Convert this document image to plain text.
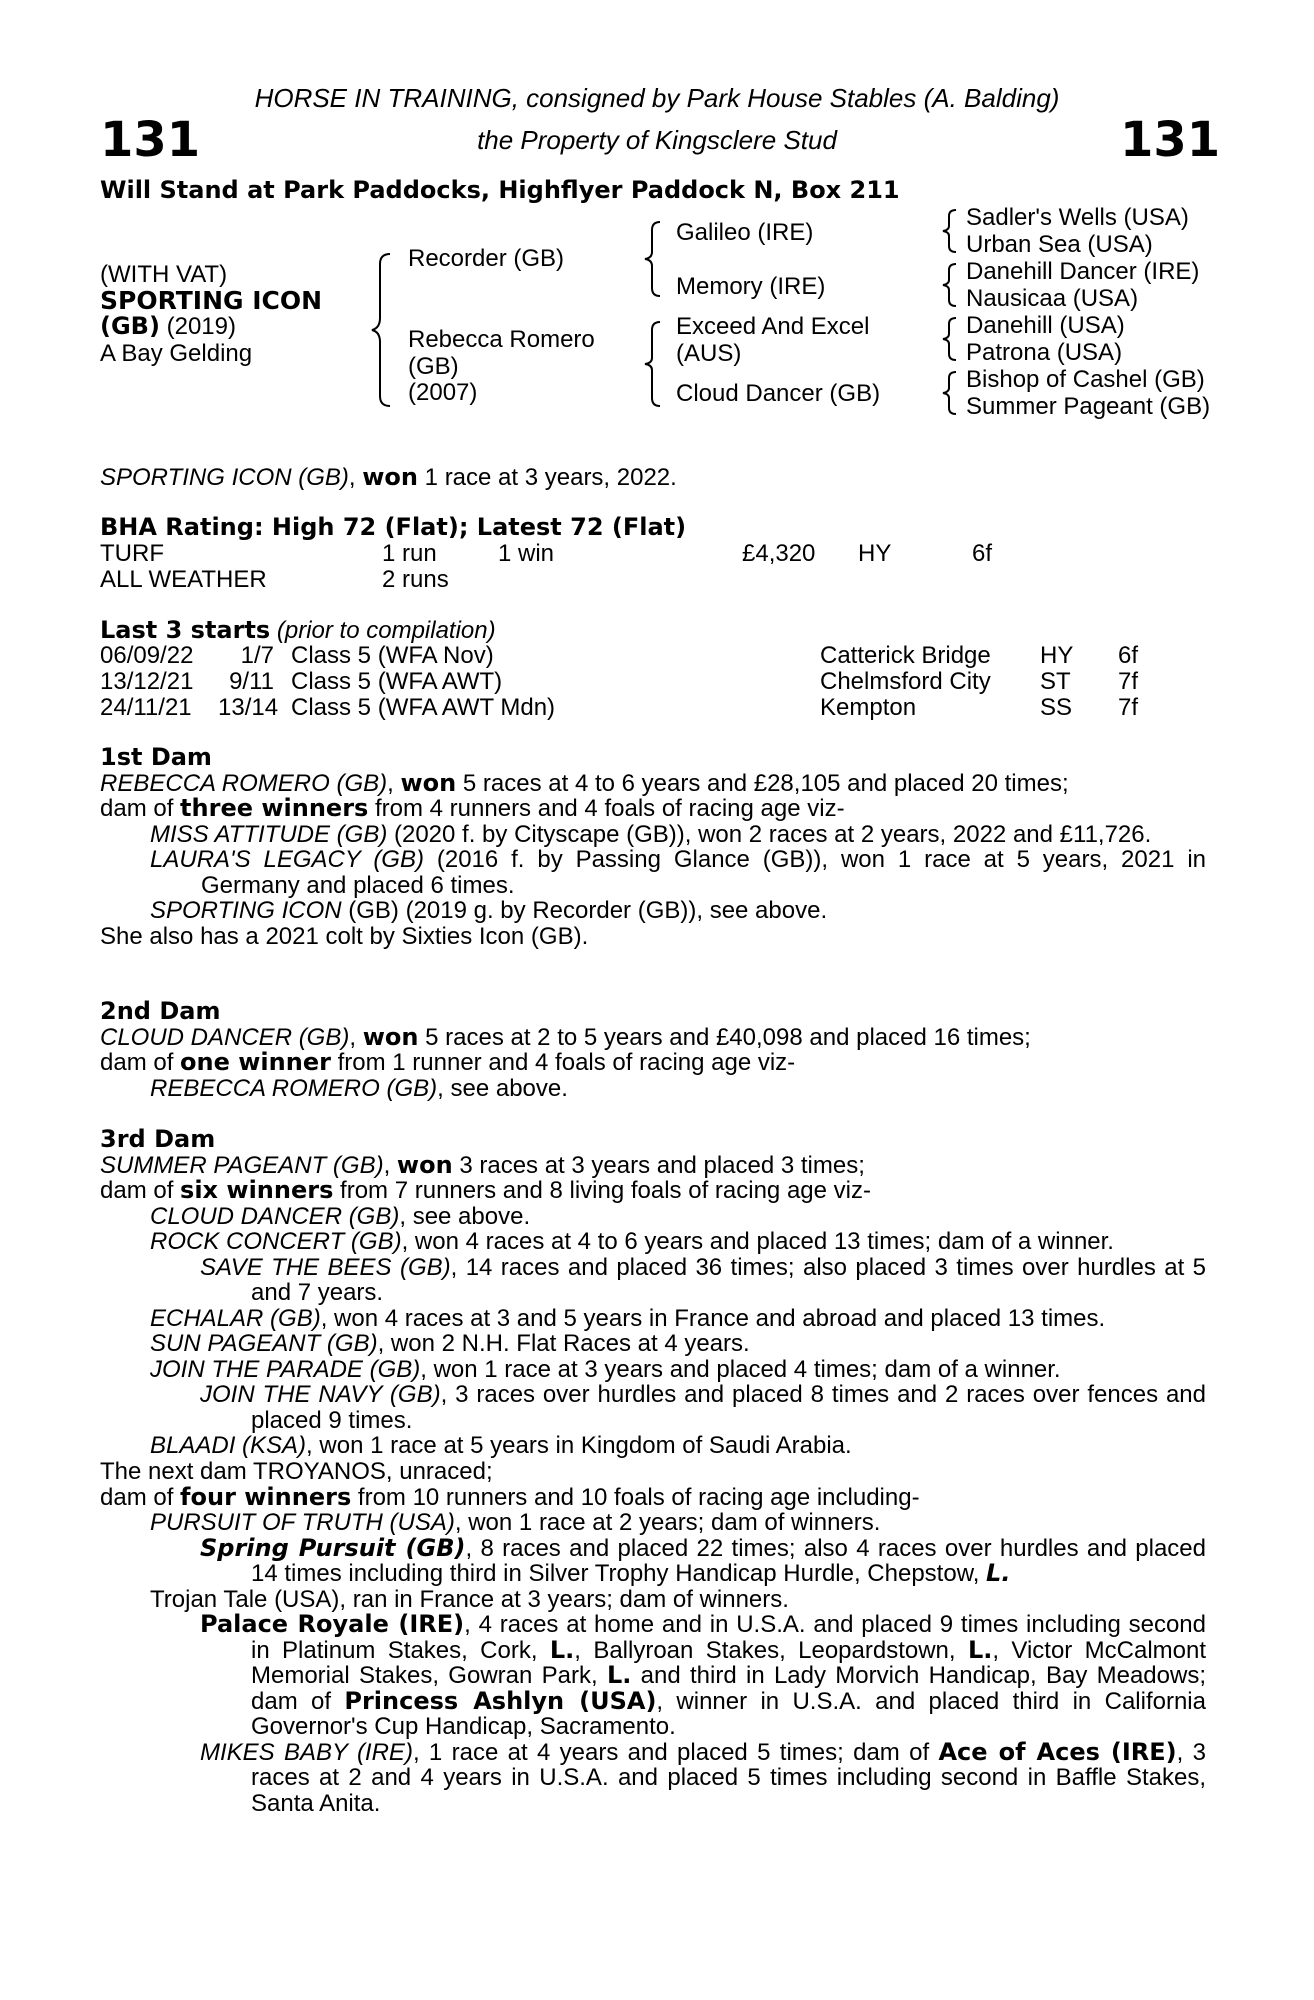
131	131
HORSE IN TRAINING, consigned by Park House Stables (A. Balding)
the Property of Kingsclere Stud
Will Stand at Park Paddocks, Highflyer Paddock N, Box 211
(WITH VAT)
SPORTING ICON
(GB) (2019)
A Bay Gelding
Recorder (GB)
Rebecca Romero
(GB)
(2007)
Galileo (IRE)
Memory (IRE)
Exceed And Excel
(AUS)
Cloud Dancer (GB)
Sadler's Wells (USA)
Urban Sea (USA)
Danehill Dancer (IRE)
Nausicaa (USA)
Danehill (USA)
Patrona (USA)
Bishop of Cashel (GB)
Summer Pageant (GB)
SPORTING ICON (GB), won 1 race at 3 years, 2022.
BHA Rating: High 72 (Flat); Latest 72 (Flat)
TURF	1 run	1 win	£4,320 HY	6f
ALL WEATHER	2 runs
Last 3 starts (prior to compilation)
06/09/22	1/7 Class 5 (WFA Nov)	Catterick Bridge HY 6f
13/12/21	9/11 Class 5 (WFA AWT)	Chelmsford City ST 7f
24/11/21 13/14 Class 5 (WFA AWT Mdn)	Kempton	SS 7f

1st Dam

REBECCA ROMERO (GB), won 5 races at 4 to 6 years and £28,105 and placed 20 times;

dam of three winners from 4 runners and 4 foals of racing age viz-

MISS ATTITUDE (GB) (2020 f. by Cityscape (GB)), won 2 races at 2 years, 2022 and £11,726.

LAURA'S LEGACY (GB) (2016 f. by Passing Glance (GB)), won 1 race at 5 years, 2021 in Germany and placed 6 times.

SPORTING ICON (GB) (2019 g. by Recorder (GB)), see above.

She also has a 2021 colt by Sixties Icon (GB).

2nd Dam

CLOUD DANCER (GB), won 5 races at 2 to 5 years and £40,098 and placed 16 times;

dam of one winner from 1 runner and 4 foals of racing age viz-

REBECCA ROMERO (GB), see above.

3rd Dam

SUMMER PAGEANT (GB), won 3 races at 3 years and placed 3 times;

dam of six winners from 7 runners and 8 living foals of racing age viz-

CLOUD DANCER (GB), see above.

ROCK CONCERT (GB), won 4 races at 4 to 6 years and placed 13 times; dam of a winner.

SAVE THE BEES (GB), 14 races and placed 36 times; also placed 3 times over hurdles at 5 and 7 years.

ECHALAR (GB), won 4 races at 3 and 5 years in France and abroad and placed 13 times.

SUN PAGEANT (GB), won 2 N.H. Flat Races at 4 years.

JOIN THE PARADE (GB), won 1 race at 3 years and placed 4 times; dam of a winner.

JOIN THE NAVY (GB), 3 races over hurdles and placed 8 times and 2 races over fences and placed 9 times.

BLAADI (KSA), won 1 race at 5 years in Kingdom of Saudi Arabia.

The next dam TROYANOS, unraced;

dam of four winners from 10 runners and 10 foals of racing age including-

PURSUIT OF TRUTH (USA), won 1 race at 2 years; dam of winners.

Spring Pursuit (GB), 8 races and placed 22 times; also 4 races over hurdles and placed 14 times including third in Silver Trophy Handicap Hurdle, Chepstow, L.

Trojan Tale (USA), ran in France at 3 years; dam of winners.

Palace Royale (IRE), 4 races at home and in U.S.A. and placed 9 times including second in Platinum Stakes, Cork, L., Ballyroan Stakes, Leopardstown, L., Victor McCalmont Memorial Stakes, Gowran Park, L. and third in Lady Morvich Handicap, Bay Meadows; dam of Princess Ashlyn (USA), winner in U.S.A. and placed third in California Governor's Cup Handicap, Sacramento.

MIKES BABY (IRE), 1 race at 4 years and placed 5 times; dam of Ace of Aces (IRE), 3 races at 2 and 4 years in U.S.A. and placed 5 times including second in Baffle Stakes, Santa Anita.
